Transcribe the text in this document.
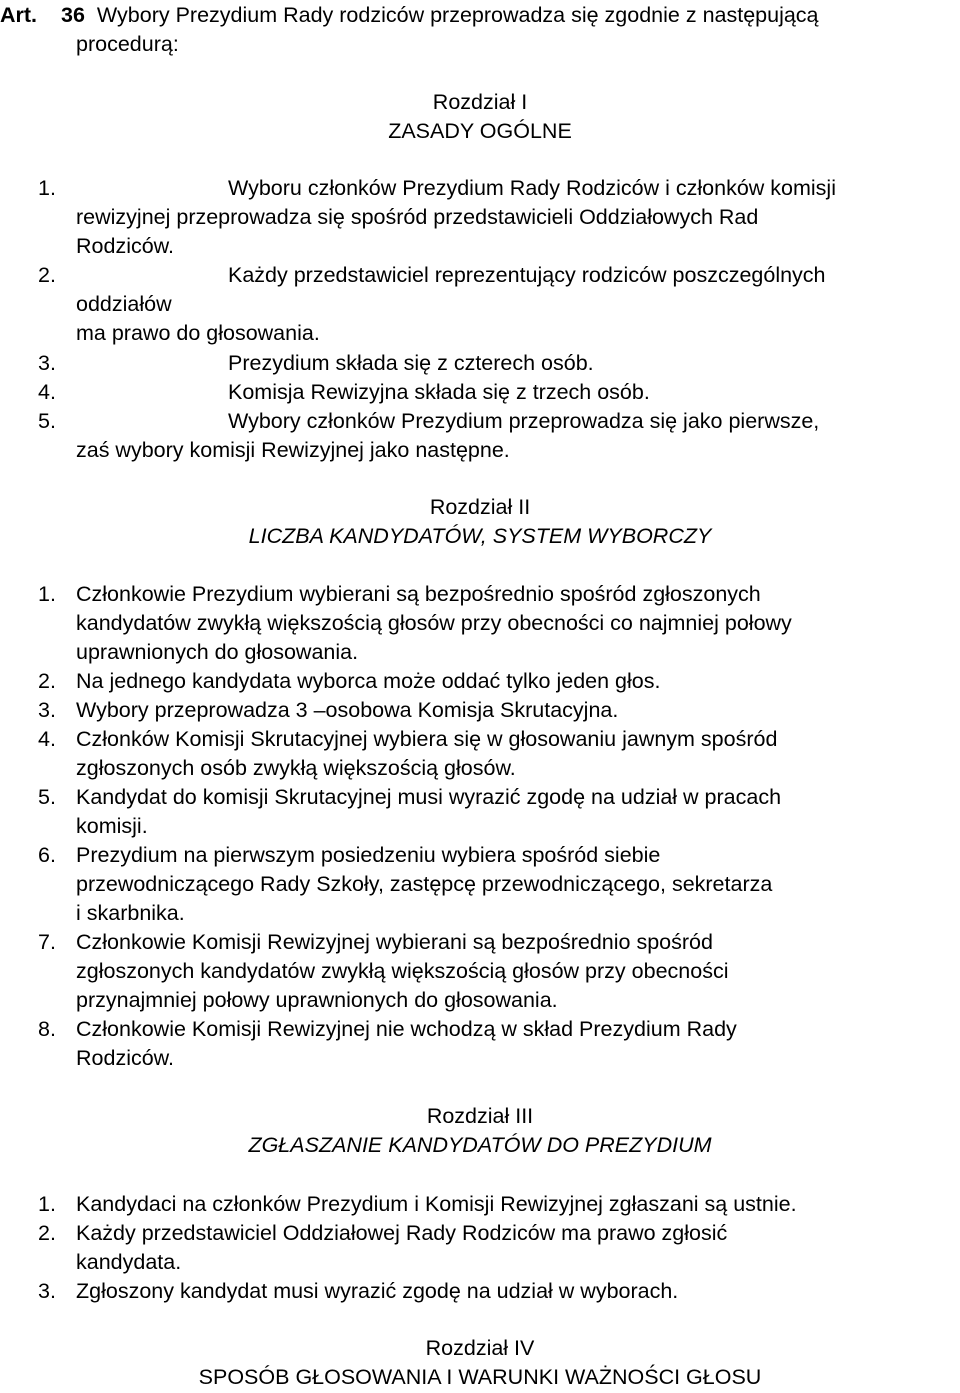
Art. 36 Wybory Prezydium Rady rodziców przeprowadza się zgodnie z następującą
procedurą:
Rozdział I
ZASADY OGÓLNE
1.	Wyboru członków Prezydium Rady Rodziców i członków komisji
rewizyjnej przeprowadza się spośród przedstawicieli Oddziałowych Rad
Rodziców.
2.	Każdy przedstawiciel reprezentujący rodziców poszczególnych
oddziałów
ma prawo do głosowania.
3.	Prezydium składa się z czterech osób.
4.	Komisja Rewizyjna składa się z trzech osób.
5.	Wybory członków Prezydium przeprowadza się jako pierwsze,
zaś wybory komisji Rewizyjnej jako następne.
Rozdział II
LICZBA KANDYDATÓW, SYSTEM WYBORCZY
1. Członkowie Prezydium wybierani są bezpośrednio spośród zgłoszonych
kandydatów zwykłą większością głosów przy obecności co najmniej połowy
uprawnionych do głosowania.
2. Na jednego kandydata wyborca może oddać tylko jeden głos.
3. Wybory przeprowadza 3 –osobowa Komisja Skrutacyjna.
4. Członków Komisji Skrutacyjnej wybiera się w głosowaniu jawnym spośród
zgłoszonych osób zwykłą większością głosów.
5. Kandydat do komisji Skrutacyjnej musi wyrazić zgodę na udział w pracach
komisji.
6. Prezydium na pierwszym posiedzeniu wybiera spośród siebie
przewodniczącego Rady Szkoły, zastępcę przewodniczącego, sekretarza
i skarbnika.
7. Członkowie Komisji Rewizyjnej wybierani są bezpośrednio spośród
zgłoszonych kandydatów zwykłą większością głosów przy obecności
przynajmniej połowy uprawnionych do głosowania.
8. Członkowie Komisji Rewizyjnej nie wchodzą w skład Prezydium Rady
Rodziców.
Rozdział III
ZGŁASZANIE KANDYDATÓW DO PREZYDIUM
1. Kandydaci na członków Prezydium i Komisji Rewizyjnej zgłaszani są ustnie.
2. Każdy przedstawiciel Oddziałowej Rady Rodziców ma prawo zgłosić
kandydata.
3. Zgłoszony kandydat musi wyrazić zgodę na udział w wyborach.
Rozdział IV
SPOSÓB GŁOSOWANIA I WARUNKI WAŻNOŚCI GŁOSU
